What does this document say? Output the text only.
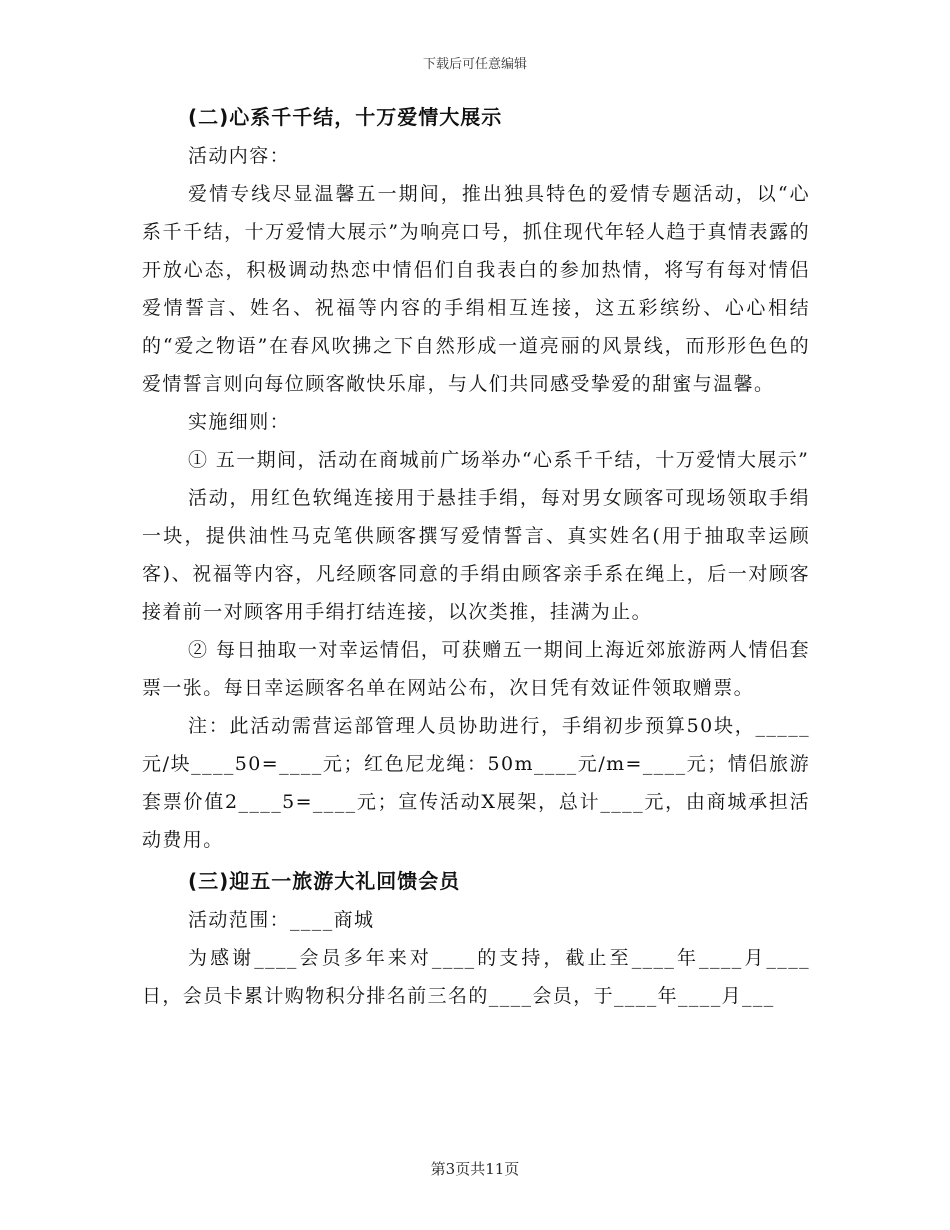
下载后可任意编辑
(二)心系千千结，十万爱情大展示

活动内容：

爱情专线尽显温馨五一期间，推出独具特色的爱情专题活动，以“心系千千结，十万爱情大展示”为响亮口号，抓住现代年轻人趋于真情表露的开放心态，积极调动热恋中情侣们自我表白的参加热情，将写有每对情侣爱情誓言、姓名、祝福等内容的手绢相互连接，这五彩缤纷、心心相结的“爱之物语”在春风吹拂之下自然形成一道亮丽的风景线，而形形色色的爱情誓言则向每位顾客敞快乐扉，与人们共同感受挚爱的甜蜜与温馨。

实施细则：

① 五一期间，活动在商城前广场举办“心系千千结，十万爱情大展示”

活动，用红色软绳连接用于悬挂手绢，每对男女顾客可现场领取手绢一块，提供油性马克笔供顾客撰写爱情誓言、真实姓名(用于抽取幸运顾客)、祝福等内容，凡经顾客同意的手绢由顾客亲手系在绳上，后一对顾客接着前一对顾客用手绢打结连接，以次类推，挂满为止。

② 每日抽取一对幸运情侣，可获赠五一期间上海近郊旅游两人情侣套票一张。每日幸运顾客名单在网站公布，次日凭有效证件领取赠票。

注：此活动需营运部管理人员协助进行，手绢初步预算50块，_____元/块____50=____元；红色尼龙绳：50m____元/m=____元；情侣旅游套票价值2____5=____元；宣传活动X展架，总计____元，由商城承担活动费用。

(三)迎五一旅游大礼回馈会员

活动范围：____商城

为感谢____会员多年来对____的支持，截止至____年____月____日，会员卡累计购物积分排名前三名的____会员，于____年____月___

第3页共11页
